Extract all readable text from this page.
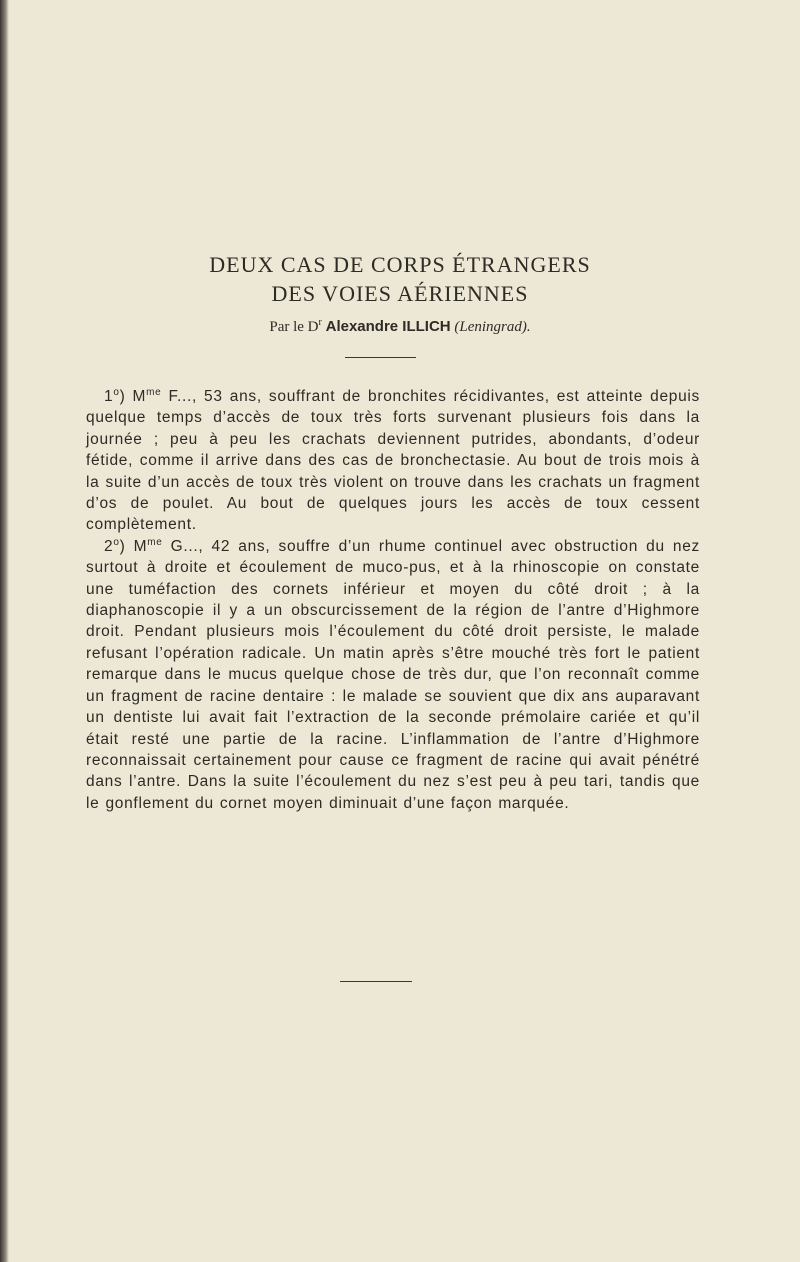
DEUX CAS DE CORPS ÉTRANGERS
DES VOIES AÉRIENNES
Par le $D^r$ Alexandre ILLICH (Leningrad).

1$^o$) $M^{me}$ F..., 53 ans, souffrant de bronchites récidivantes, est atteinte depuis quelque temps d’accès de toux très forts survenant plusieurs fois dans la journée ; peu à peu les crachats deviennent putrides, abondants, d’odeur fétide, comme il arrive dans des cas de bronchectasie. Au bout de trois mois à la suite d’un accès de toux très violent on trouve dans les crachats un fragment d’os de poulet. Au bout de quelques jours les accès de toux cessent complètement.

2$^o$) $M^{me}$ G..., 42 ans, souffre d’un rhume continuel avec obstruction du nez surtout à droite et écoulement de muco-pus, et à la rhinoscopie on constate une tuméfaction des cornets inférieur et moyen du côté droit ; à la diaphanoscopie il y a un obscurcissement de la région de l’antre d’Highmore droit. Pendant plusieurs mois l’écoulement du côté droit persiste, le malade refusant l’opération radicale. Un matin après s’être mouché très fort le patient remarque dans le mucus quelque chose de très dur, que l’on reconnaît comme un fragment de racine dentaire : le malade se souvient que dix ans auparavant un dentiste lui avait fait l’extraction de la seconde prémolaire cariée et qu’il était resté une partie de la racine. L’inflammation de l’antre d’Highmore reconnaissait certainement pour cause ce fragment de racine qui avait pénétré dans l’antre. Dans la suite l’écoulement du nez s’est peu à peu tari, tandis que le gonflement du cornet moyen diminuait d’une façon marquée.
